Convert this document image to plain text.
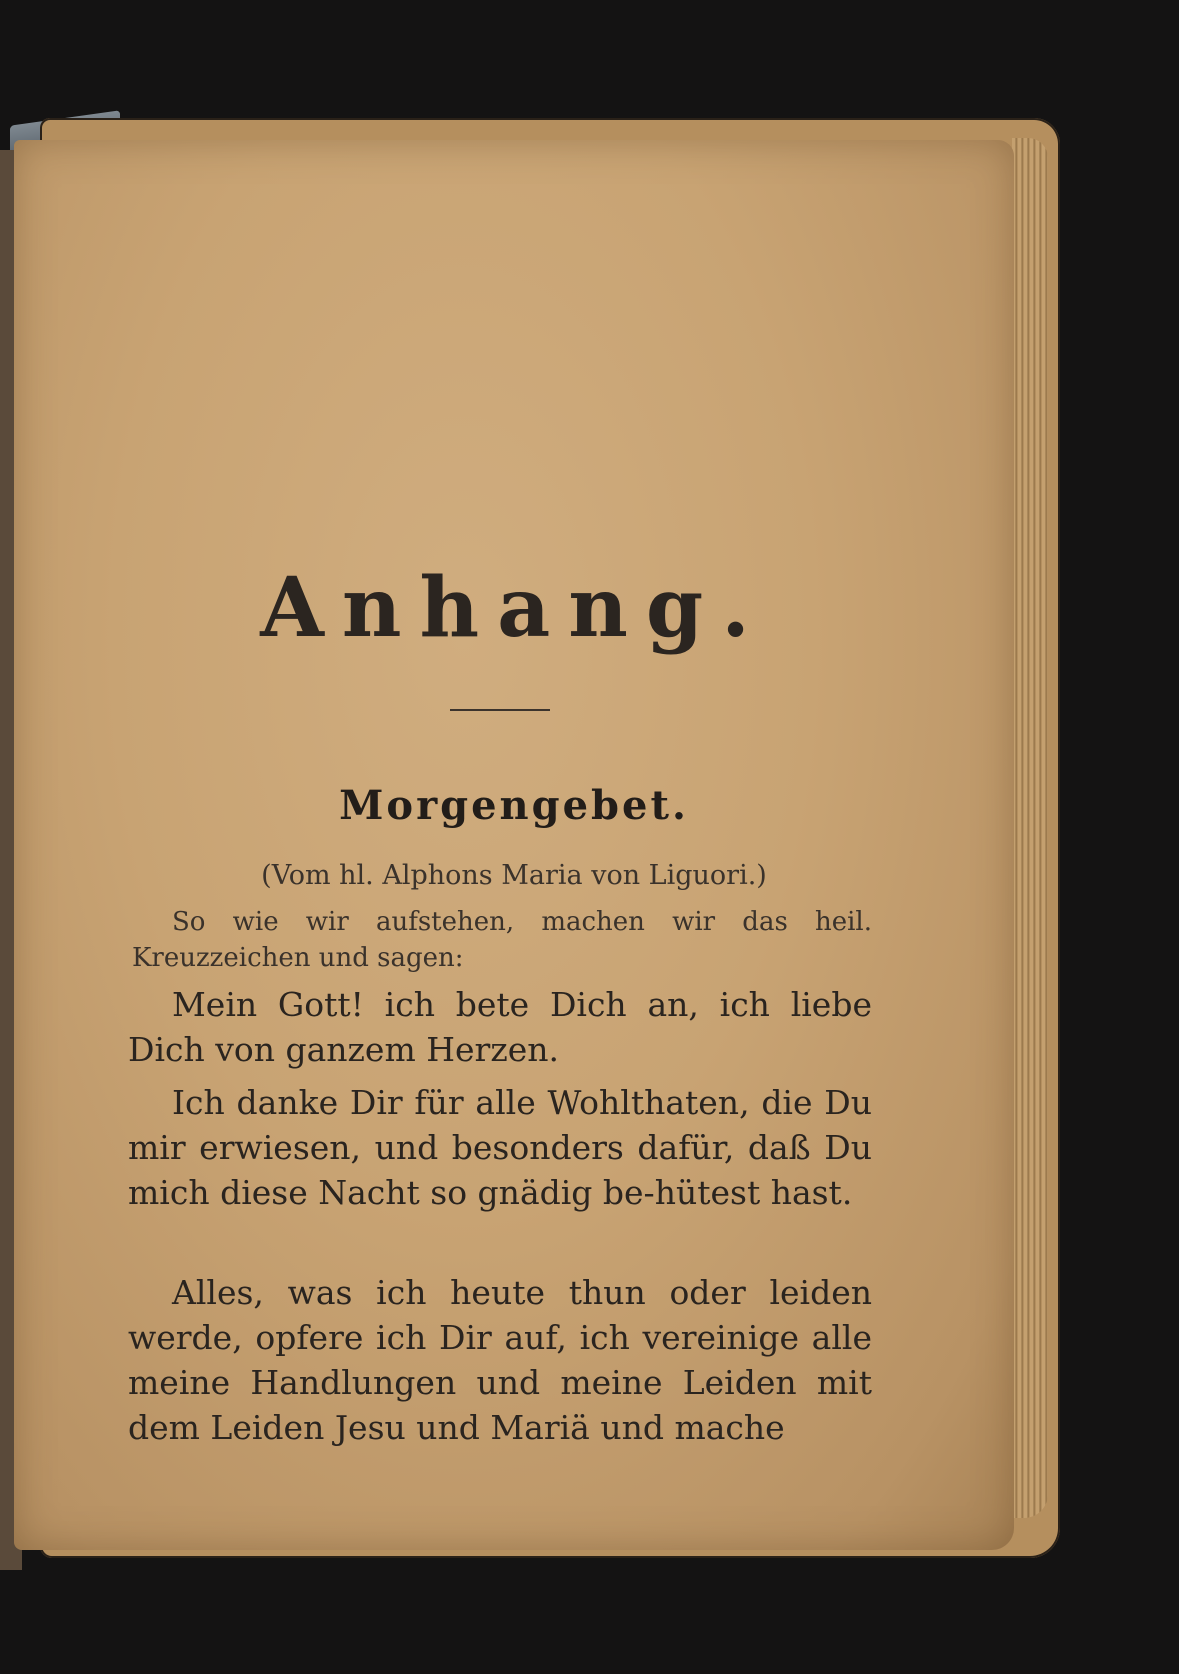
Anhang.
Morgengebet.
(Vom hl. Alphons Maria von Liguori.)
So wie wir aufstehen, machen wir das heil. Kreuzzeichen und sagen:

Mein Gott! ich bete Dich an, ich liebe Dich von ganzem Herzen.

Ich danke Dir für alle Wohlthaten, die Du mir erwiesen, und besonders dafür, daß Du mich diese Nacht so gnädig be-hütest hast.

Alles, was ich heute thun oder leiden werde, opfere ich Dir auf, ich vereinige alle meine Handlungen und meine Leiden mit dem Leiden Jesu und Mariä und mache
